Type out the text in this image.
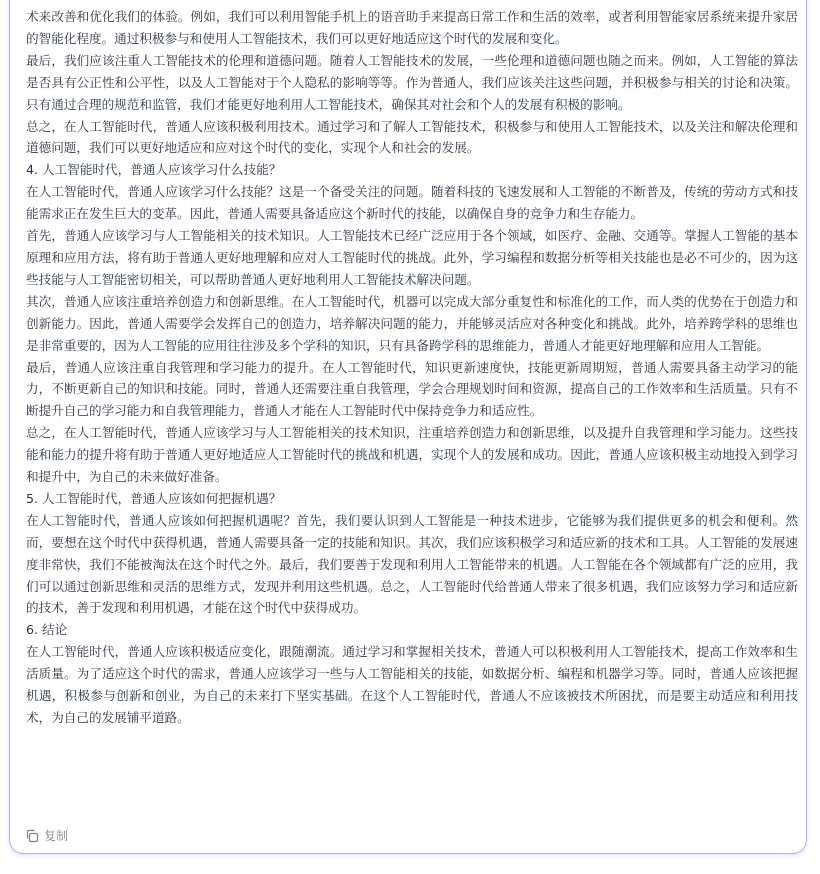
术来改善和优化我们的体验。例如，我们可以利用智能手机上的语音助手来提高日常工作和生活的效率，或者利用智能家居系统来提升家居的智能化程度。通过积极参与和使用人工智能技术，我们可以更好地适应这个时代的发展和变化。

最后，我们应该注重人工智能技术的伦理和道德问题。随着人工智能技术的发展，一些伦理和道德问题也随之而来。例如，人工智能的算法是否具有公正性和公平性，以及人工智能对于个人隐私的影响等等。作为普通人，我们应该关注这些问题，并积极参与相关的讨论和决策。只有通过合理的规范和监管，我们才能更好地利用人工智能技术，确保其对社会和个人的发展有积极的影响。

总之，在人工智能时代，普通人应该积极利用技术。通过学习和了解人工智能技术，积极参与和使用人工智能技术，以及关注和解决伦理和道德问题，我们可以更好地适应和应对这个时代的变化，实现个人和社会的发展。

4. 人工智能时代，普通人应该学习什么技能？

在人工智能时代，普通人应该学习什么技能？这是一个备受关注的问题。随着科技的飞速发展和人工智能的不断普及，传统的劳动方式和技能需求正在发生巨大的变革。因此，普通人需要具备适应这个新时代的技能，以确保自身的竞争力和生存能力。

首先，普通人应该学习与人工智能相关的技术知识。人工智能技术已经广泛应用于各个领域，如医疗、金融、交通等。掌握人工智能的基本原理和应用方法，将有助于普通人更好地理解和应对人工智能时代的挑战。此外，学习编程和数据分析等相关技能也是必不可少的，因为这些技能与人工智能密切相关，可以帮助普通人更好地利用人工智能技术解决问题。

其次，普通人应该注重培养创造力和创新思维。在人工智能时代，机器可以完成大部分重复性和标准化的工作，而人类的优势在于创造力和创新能力。因此，普通人需要学会发挥自己的创造力，培养解决问题的能力，并能够灵活应对各种变化和挑战。此外，培养跨学科的思维也是非常重要的，因为人工智能的应用往往涉及多个学科的知识，只有具备跨学科的思维能力，普通人才能更好地理解和应用人工智能。

最后，普通人应该注重自我管理和学习能力的提升。在人工智能时代，知识更新速度快，技能更新周期短，普通人需要具备主动学习的能力，不断更新自己的知识和技能。同时，普通人还需要注重自我管理，学会合理规划时间和资源，提高自己的工作效率和生活质量。只有不断提升自己的学习能力和自我管理能力，普通人才能在人工智能时代中保持竞争力和适应性。

总之，在人工智能时代，普通人应该学习与人工智能相关的技术知识，注重培养创造力和创新思维，以及提升自我管理和学习能力。这些技能和能力的提升将有助于普通人更好地适应人工智能时代的挑战和机遇，实现个人的发展和成功。因此，普通人应该积极主动地投入到学习和提升中，为自己的未来做好准备。

5. 人工智能时代，普通人应该如何把握机遇？

在人工智能时代，普通人应该如何把握机遇呢？首先，我们要认识到人工智能是一种技术进步，它能够为我们提供更多的机会和便利。然而，要想在这个时代中获得机遇，普通人需要具备一定的技能和知识。其次，我们应该积极学习和适应新的技术和工具。人工智能的发展速度非常快，我们不能被淘汰在这个时代之外。最后，我们要善于发现和利用人工智能带来的机遇。人工智能在各个领域都有广泛的应用，我们可以通过创新思维和灵活的思维方式，发现并利用这些机遇。总之，人工智能时代给普通人带来了很多机遇，我们应该努力学习和适应新的技术，善于发现和利用机遇，才能在这个时代中获得成功。

6. 结论

在人工智能时代，普通人应该积极适应变化，跟随潮流。通过学习和掌握相关技术，普通人可以积极利用人工智能技术，提高工作效率和生活质量。为了适应这个时代的需求，普通人应该学习一些与人工智能相关的技能，如数据分析、编程和机器学习等。同时，普通人应该把握机遇，积极参与创新和创业，为自己的未来打下坚实基础。在这个人工智能时代，普通人不应该被技术所困扰，而是要主动适应和利用技术，为自己的发展铺平道路。

复制
